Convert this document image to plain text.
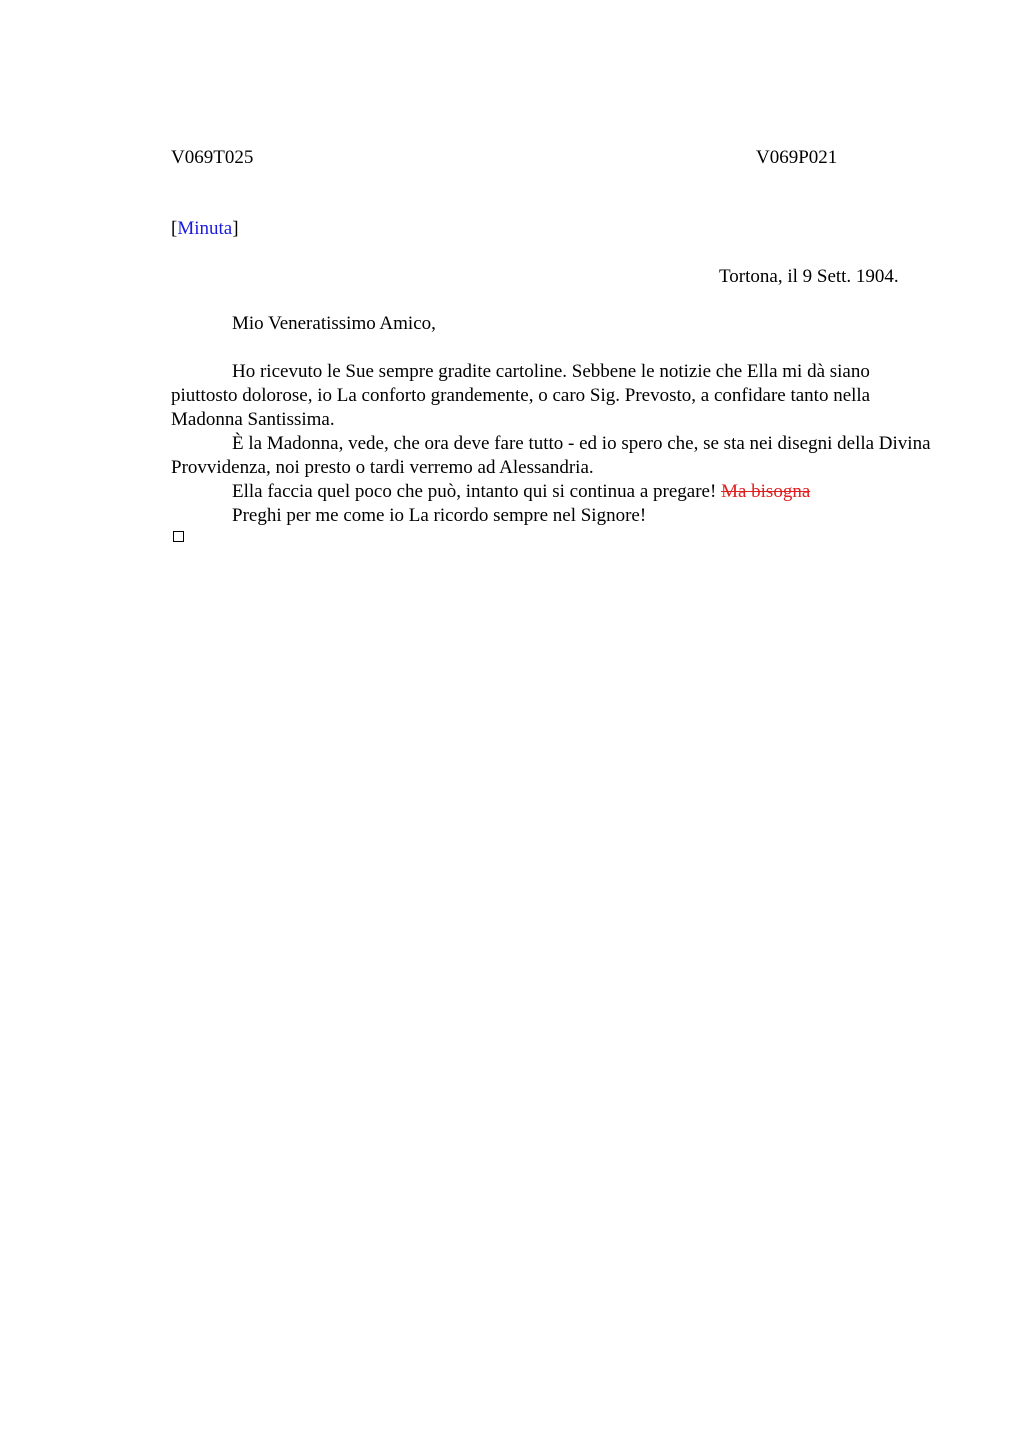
V069T025	V069P021
[Minuta]
Tortona, il 9 Sett. 1904.
Mio Veneratissimo Amico,

Ho ricevuto le Sue sempre gradite cartoline. Sebbene le notizie che Ella mi dà siano piuttosto dolorose, io La conforto grandemente, o caro Sig. Prevosto, a confidare tanto nella Madonna Santissima.

È la Madonna, vede, che ora deve fare tutto - ed io spero che, se sta nei disegni della Divina Provvidenza, noi presto o tardi verremo ad Alessandria.

Ella faccia quel poco che può, intanto qui si continua a pregare! Ma bisogna

Preghi per me come io La ricordo sempre nel Signore!
